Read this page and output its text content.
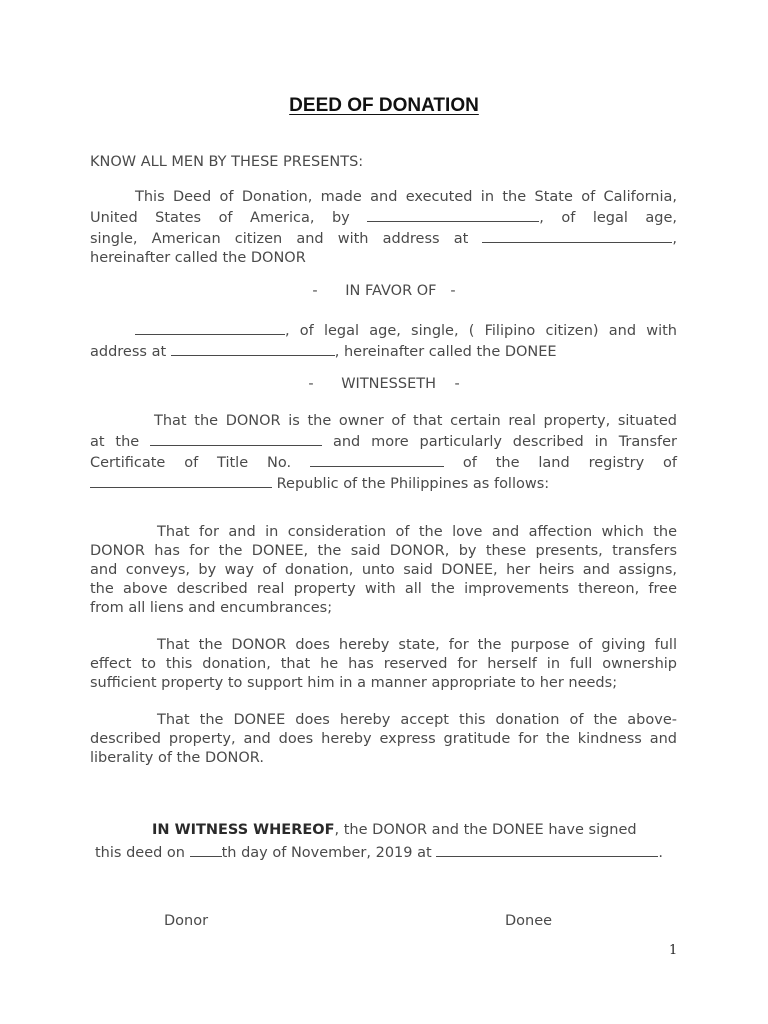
DEED OF DONATION
KNOW ALL MEN BY THESE PRESENTS:
This Deed of Donation, made and executed in the State of California,
United States of America, by	, of legal age,
single, American citizen and with address at	,
hereinafter called the DONOR
-      IN FAVOR OF   -
, of legal age, single, ( Filipino citizen) and with
address at	, hereinafter called the DONEE
-      WITNESSETH    -
That the DONOR is the owner of that certain real property, situated
at the	and more particularly described in Transfer
Certificate of Title No.	of the land registry of
Republic of the Philippines as follows:
That for and in consideration of the love and affection which the
DONOR has for the DONEE, the said DONOR, by these presents, transfers
and conveys, by way of donation, unto said DONEE, her heirs and assigns,
the above described real property with all the improvements thereon, free
from all liens and encumbrances;
That the DONOR does hereby state, for the purpose of giving full
effect to this donation, that he has reserved for herself in full ownership
sufficient property to support him in a manner appropriate to her needs;
That the DONEE does hereby accept this donation of the above-
described property, and does hereby express gratitude for the kindness and
liberality of the DONOR.
IN WITNESS WHEREOF, the DONOR and the DONEE have signed
this deed on	th day of November, 2019 at	.
Donor	Donee
1
